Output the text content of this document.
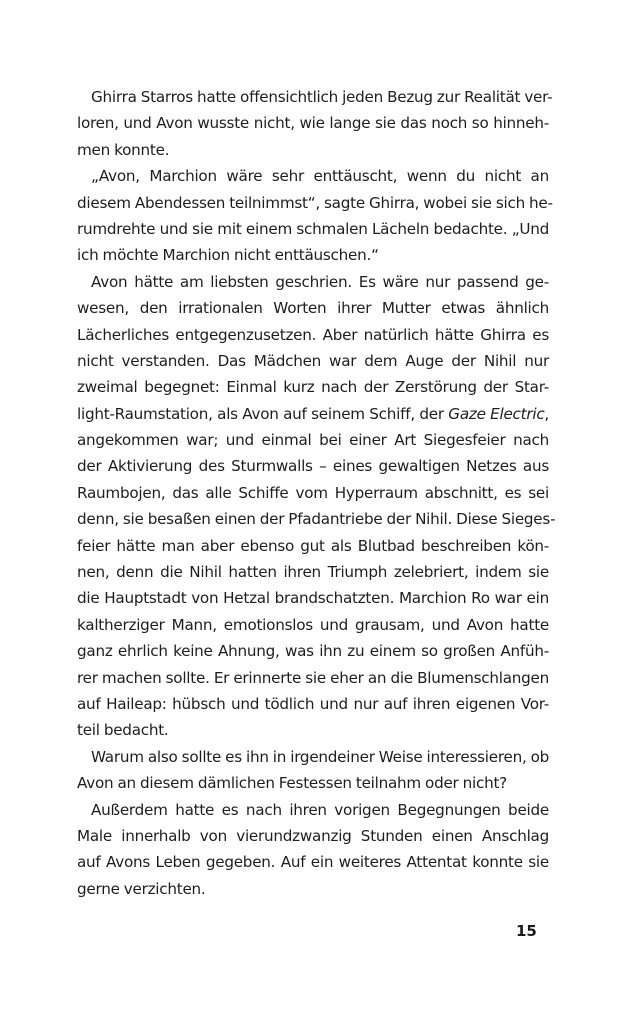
Ghirra Starros hatte offensichtlich jeden Bezug zur Realität ver-
loren, und Avon wusste nicht, wie lange sie das noch so hinneh-
men konnte.
„Avon, Marchion wäre sehr enttäuscht, wenn du nicht an
diesem Abendessen teilnimmst“, sagte Ghirra, wobei sie sich he-
rumdrehte und sie mit einem schmalen Lächeln bedachte. „Und
ich möchte Marchion nicht enttäuschen.“
Avon hätte am liebsten geschrien. Es wäre nur passend ge-
wesen, den irrationalen Worten ihrer Mutter etwas ähnlich
Lächerliches entgegenzusetzen. Aber natürlich hätte Ghirra es
nicht verstanden. Das Mädchen war dem Auge der Nihil nur
zweimal begegnet: Einmal kurz nach der Zerstörung der Star-
light-Raumstation, als Avon auf seinem Schiff, der Gaze Electric,
angekommen war; und einmal bei einer Art Siegesfeier nach
der Aktivierung des Sturmwalls – eines gewaltigen Netzes aus
Raumbojen, das alle Schiffe vom Hyperraum abschnitt, es sei
denn, sie besaßen einen der Pfadantriebe der Nihil. Diese Sieges-
feier hätte man aber ebenso gut als Blutbad beschreiben kön-
nen, denn die Nihil hatten ihren Triumph zelebriert, indem sie
die Hauptstadt von Hetzal brandschatzten. Marchion Ro war ein
kaltherziger Mann, emotionslos und grausam, und Avon hatte
ganz ehrlich keine Ahnung, was ihn zu einem so großen Anfüh-
rer machen sollte. Er erinnerte sie eher an die Blumenschlangen
auf Haileap: hübsch und tödlich und nur auf ihren eigenen Vor-
teil bedacht.
Warum also sollte es ihn in irgendeiner Weise interessieren, ob
Avon an diesem dämlichen Festessen teilnahm oder nicht?
Außerdem hatte es nach ihren vorigen Begegnungen beide
Male innerhalb von vierundzwanzig Stunden einen Anschlag
auf Avons Leben gegeben. Auf ein weiteres Attentat konnte sie
gerne verzichten.
15
